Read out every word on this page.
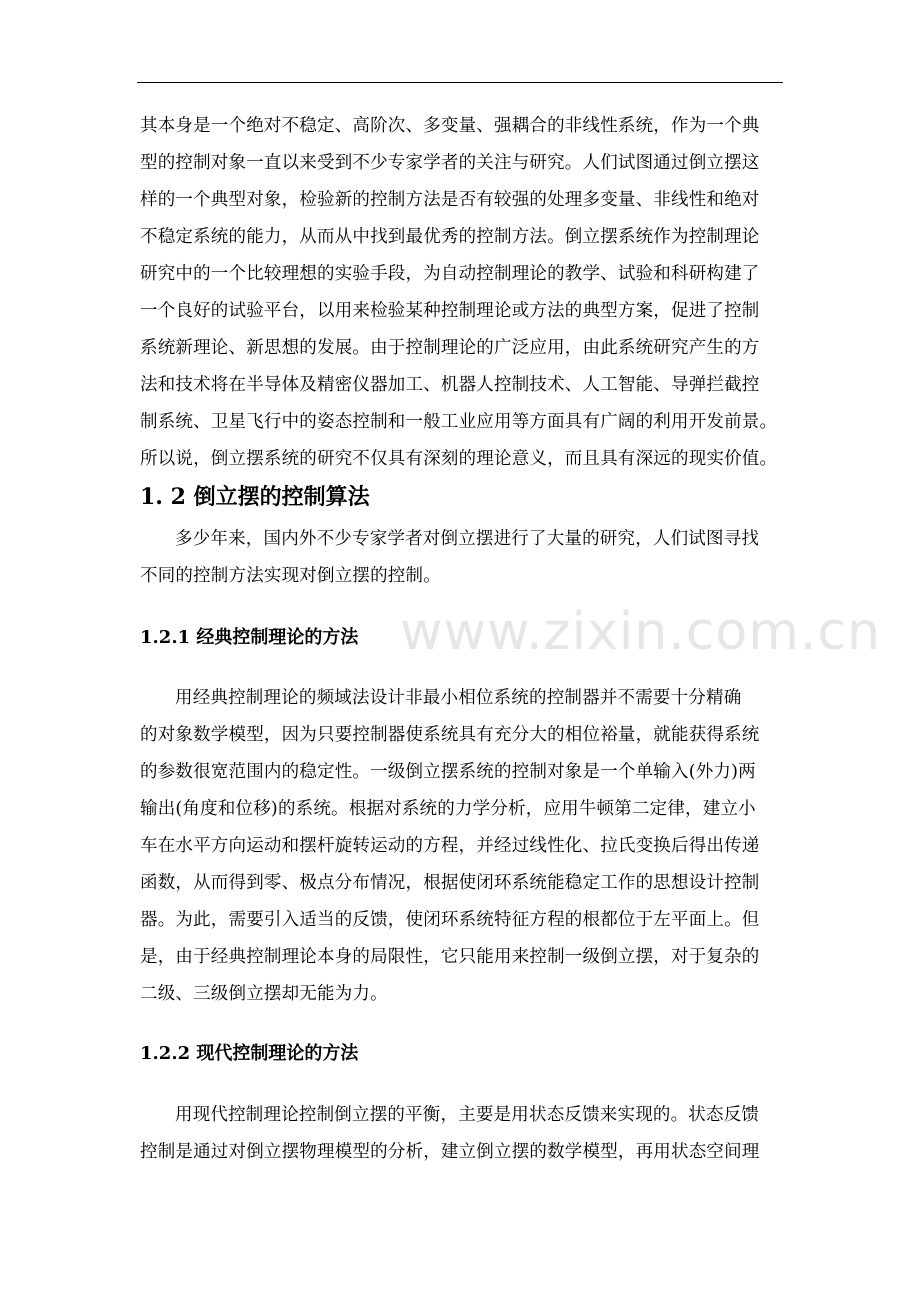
其本身是一个绝对不稳定、高阶次、多变量、强耦合的非线性系统，作为一个典
型的控制对象一直以来受到不少专家学者的关注与研究。人们试图通过倒立摆这
样的一个典型对象，检验新的控制方法是否有较强的处理多变量、非线性和绝对
不稳定系统的能力，从而从中找到最优秀的控制方法。倒立摆系统作为控制理论
研究中的一个比较理想的实验手段，为自动控制理论的教学、试验和科研构建了
一个良好的试验平台，以用来检验某种控制理论或方法的典型方案，促进了控制
系统新理论、新思想的发展。由于控制理论的广泛应用，由此系统研究产生的方
法和技术将在半导体及精密仪器加工、机器人控制技术、人工智能、导弹拦截控
制系统、卫星飞行中的姿态控制和一般工业应用等方面具有广阔的利用开发前景。
所以说，倒立摆系统的研究不仅具有深刻的理论意义，而且具有深远的现实价值。
1. 2 倒立摆的控制算法
多少年来，国内外不少专家学者对倒立摆进行了大量的研究，人们试图寻找
不同的控制方法实现对倒立摆的控制。
www.zixin.com.cn
1.2.1 经典控制理论的方法
用经典控制理论的频域法设计非最小相位系统的控制器并不需要十分精确
的对象数学模型，因为只要控制器使系统具有充分大的相位裕量，就能获得系统
的参数很宽范围内的稳定性。一级倒立摆系统的控制对象是一个单输入(外力)两
输出(角度和位移)的系统。根据对系统的力学分析，应用牛顿第二定律，建立小
车在水平方向运动和摆杆旋转运动的方程，并经过线性化、拉氏变换后得出传递
函数，从而得到零、极点分布情况，根据使闭环系统能稳定工作的思想设计控制
器。为此，需要引入适当的反馈，使闭环系统特征方程的根都位于左平面上。但
是，由于经典控制理论本身的局限性，它只能用来控制一级倒立摆，对于复杂的
二级、三级倒立摆却无能为力。
1.2.2 现代控制理论的方法
用现代控制理论控制倒立摆的平衡，主要是用状态反馈来实现的。状态反馈
控制是通过对倒立摆物理模型的分析，建立倒立摆的数学模型，再用状态空间理
